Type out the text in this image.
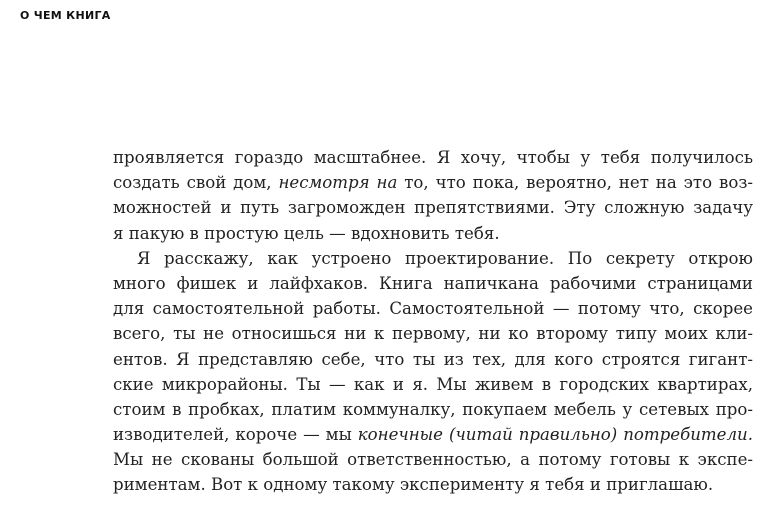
О ЧЕМ КНИГА
проявляется гораздо масштабнее. Я хочу, чтобы у тебя получилось
создать свой дом, несмотря на то, что пока, вероятно, нет на это воз-
можностей и путь загроможден препятствиями. Эту сложную задачу
я пакую в простую цель — вдохновить тебя.
Я расскажу, как устроено проектирование. По секрету открою
много фишек и лайфхаков. Книга напичкана рабочими страницами
для самостоятельной работы. Самостоятельной — потому что, скорее
всего, ты не относишься ни к первому, ни ко второму типу моих кли-
ентов. Я представляю себе, что ты из тех, для кого строятся гигант-
ские микрорайоны. Ты — как и я. Мы живем в городских квартирах,
стоим в пробках, платим коммуналку, покупаем мебель у сетевых про-
изводителей, короче — мы конечные (читай правильно) потребители.
Мы не скованы большой ответственностью, а потому готовы к экспе-
риментам. Вот к одному такому эксперименту я тебя и приглашаю.
